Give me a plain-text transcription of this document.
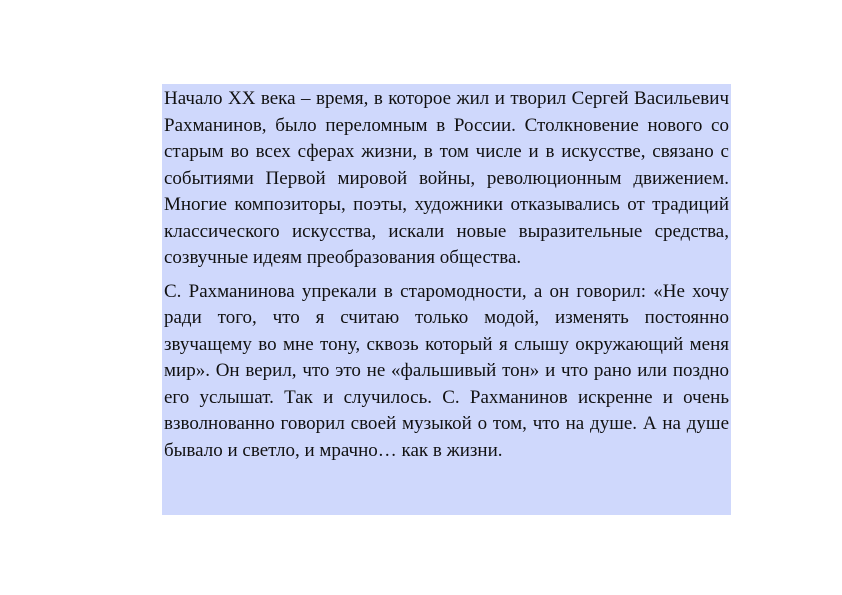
Начало XX века – время, в которое жил и творил Сергей Васильевич Рахманинов, было переломным в России. Столкновение нового со старым во всех сферах жизни, в том числе и в искусстве, связано с событиями Первой мировой войны, революционным движением. Многие композиторы, поэты, художники отказывались от традиций классического искусства, искали новые выразительные средства, созвучные идеям преобразования общества.

С. Рахманинова упрекали в старомодности, а он говорил: «Не хочу ради того, что я считаю только модой, изменять постоянно звучащему во мне тону, сквозь который я слышу окружающий меня мир». Он верил, что это не «фальшивый тон» и что рано или поздно его услышат. Так и случилось. С. Рахманинов искренне и очень взволнованно говорил своей музыкой о том, что на душе. А на душе бывало и светло, и мрачно… как в жизни.
